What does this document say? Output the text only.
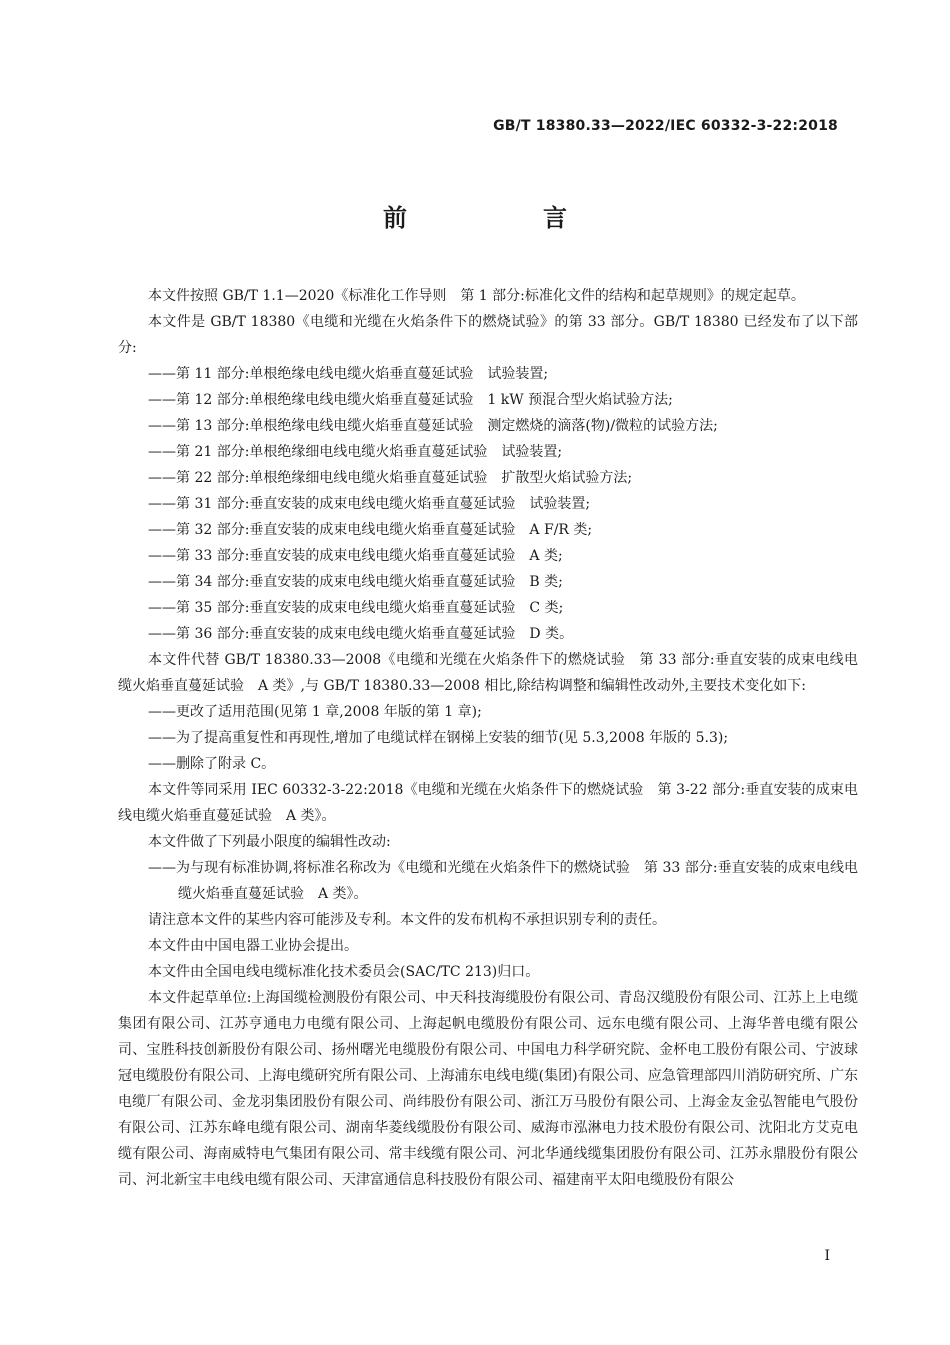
GB/T 18380.33—2022/IEC 60332-3-22:2018
前　言

本文件按照 GB/T 1.1—2020《标准化工作导则　第 1 部分:标准化文件的结构和起草规则》的规定起草。

本文件是 GB/T 18380《电缆和光缆在火焰条件下的燃烧试验》的第 33 部分。GB/T 18380 已经发布了以下部分:

——第 11 部分:单根绝缘电线电缆火焰垂直蔓延试验　试验装置;

——第 12 部分:单根绝缘电线电缆火焰垂直蔓延试验　1 kW 预混合型火焰试验方法;

——第 13 部分:单根绝缘电线电缆火焰垂直蔓延试验　测定燃烧的滴落(物)/微粒的试验方法;

——第 21 部分:单根绝缘细电线电缆火焰垂直蔓延试验　试验装置;

——第 22 部分:单根绝缘细电线电缆火焰垂直蔓延试验　扩散型火焰试验方法;

——第 31 部分:垂直安装的成束电线电缆火焰垂直蔓延试验　试验装置;

——第 32 部分:垂直安装的成束电线电缆火焰垂直蔓延试验　A F/R 类;

——第 33 部分:垂直安装的成束电线电缆火焰垂直蔓延试验　A 类;

——第 34 部分:垂直安装的成束电线电缆火焰垂直蔓延试验　B 类;

——第 35 部分:垂直安装的成束电线电缆火焰垂直蔓延试验　C 类;

——第 36 部分:垂直安装的成束电线电缆火焰垂直蔓延试验　D 类。

本文件代替 GB/T 18380.33—2008《电缆和光缆在火焰条件下的燃烧试验　第 33 部分:垂直安装的成束电线电缆火焰垂直蔓延试验　A 类》,与 GB/T 18380.33—2008 相比,除结构调整和编辑性改动外,主要技术变化如下:

——更改了适用范围(见第 1 章,2008 年版的第 1 章);

——为了提高重复性和再现性,增加了电缆试样在钢梯上安装的细节(见 5.3,2008 年版的 5.3);

——删除了附录 C。

本文件等同采用 IEC 60332-3-22:2018《电缆和光缆在火焰条件下的燃烧试验　第 3-22 部分:垂直安装的成束电线电缆火焰垂直蔓延试验　A 类》。

本文件做了下列最小限度的编辑性改动:

——为与现有标准协调,将标准名称改为《电缆和光缆在火焰条件下的燃烧试验　第 33 部分:垂直安装的成束电线电缆火焰垂直蔓延试验　A 类》。

请注意本文件的某些内容可能涉及专利。本文件的发布机构不承担识别专利的责任。

本文件由中国电器工业协会提出。

本文件由全国电线电缆标准化技术委员会(SAC/TC 213)归口。

本文件起草单位:上海国缆检测股份有限公司、中天科技海缆股份有限公司、青岛汉缆股份有限公司、江苏上上电缆集团有限公司、江苏亨通电力电缆有限公司、上海起帆电缆股份有限公司、远东电缆有限公司、上海华普电缆有限公司、宝胜科技创新股份有限公司、扬州曙光电缆股份有限公司、中国电力科学研究院、金杯电工股份有限公司、宁波球冠电缆股份有限公司、上海电缆研究所有限公司、上海浦东电线电缆(集团)有限公司、应急管理部四川消防研究所、广东电缆厂有限公司、金龙羽集团股份有限公司、尚纬股份有限公司、浙江万马股份有限公司、上海金友金弘智能电气股份有限公司、江苏东峰电缆有限公司、湖南华菱线缆股份有限公司、威海市泓淋电力技术股份有限公司、沈阳北方艾克电缆有限公司、海南威特电气集团有限公司、常丰线缆有限公司、河北华通线缆集团股份有限公司、江苏永鼎股份有限公司、河北新宝丰电线电缆有限公司、天津富通信息科技股份有限公司、福建南平太阳电缆股份有限公

I
